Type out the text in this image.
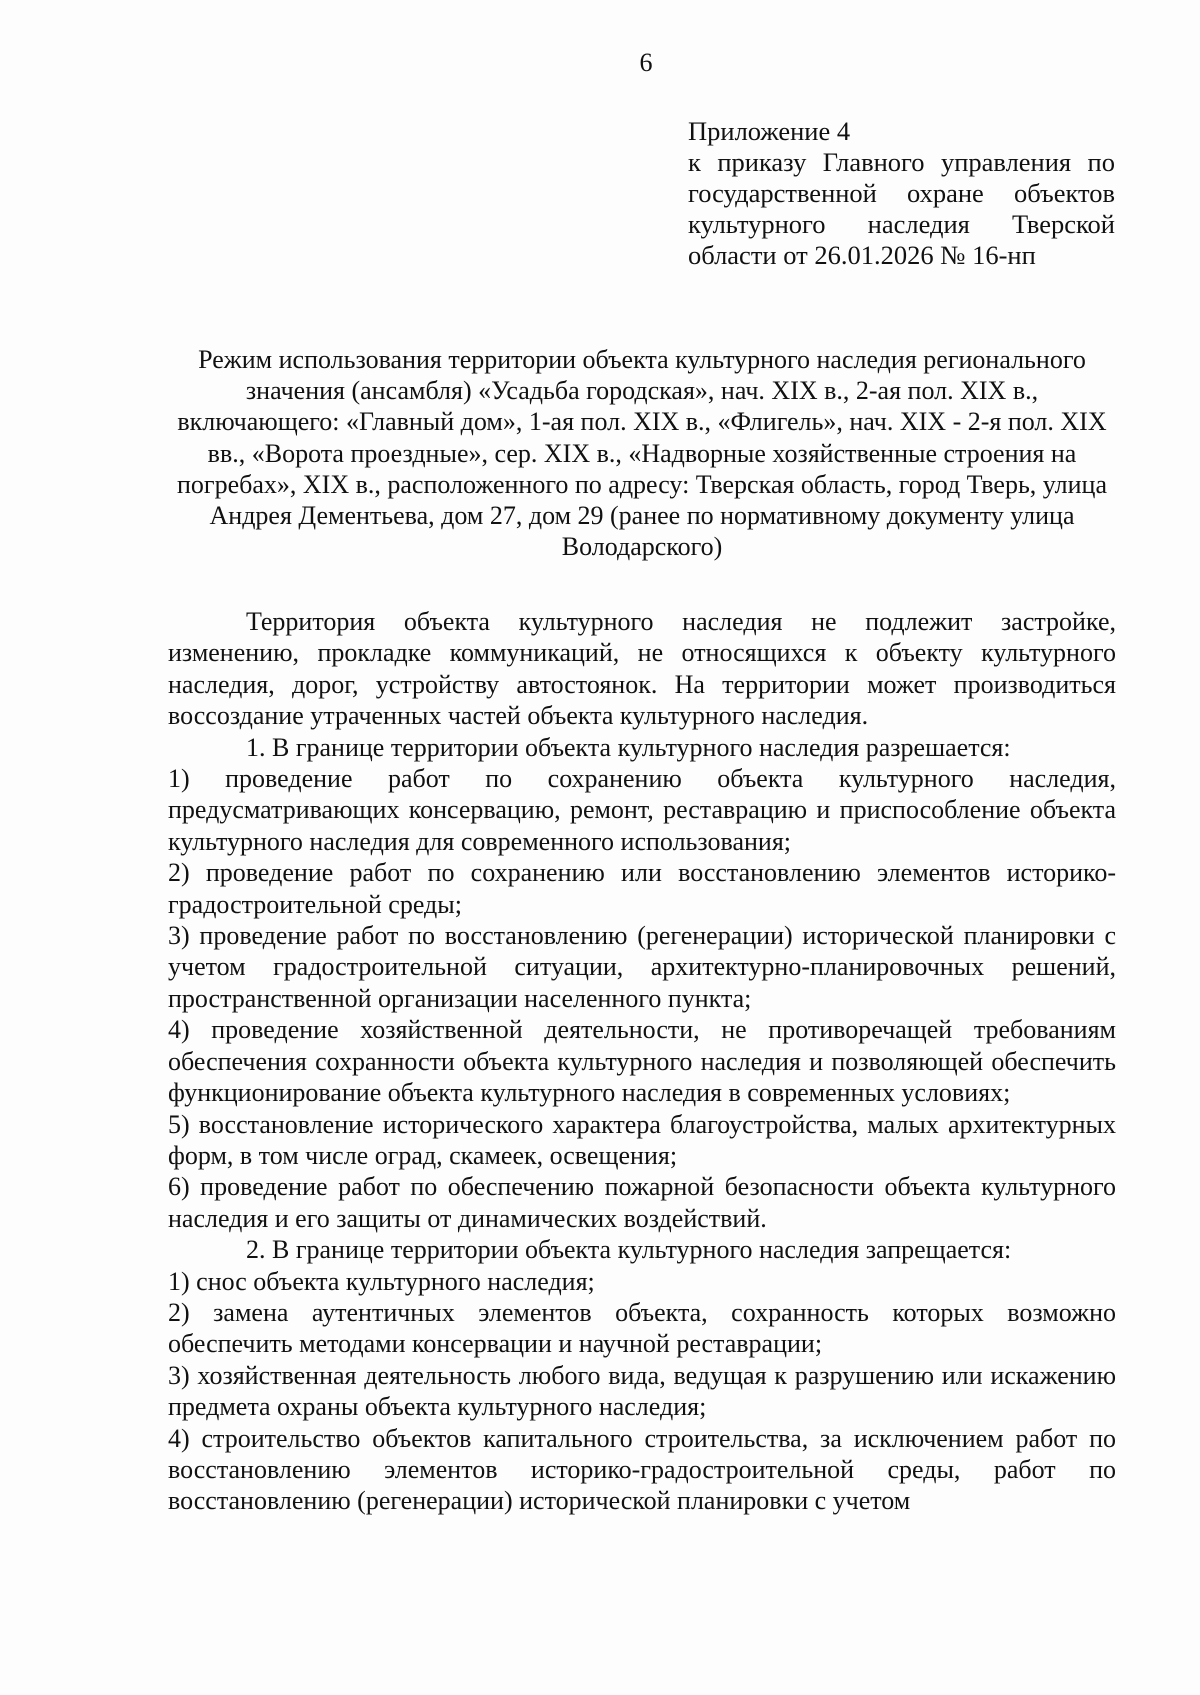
6
Приложение 4
к приказу Главного управления по государственной охране объектов культурного наследия Тверской области от 26.01.2026 № 16-нп
Режим использования территории объекта культурного наследия регионального значения (ансамбля) «Усадьба городская», нач. XIX в., 2-ая пол. XIX в., включающего: «Главный дом», 1-ая пол. XIX в., «Флигель», нач. XIX - 2-я пол. XIX вв., «Ворота проездные», сер. XIX в., «Надворные хозяйственные строения на погребах», XIX в., расположенного по адресу: Тверская область, город Тверь, улица Андрея Дементьева, дом 27, дом 29 (ранее по нормативному документу улица Володарского)

Территория объекта культурного наследия не подлежит застройке, изменению, прокладке коммуникаций, не относящихся к объекту культурного наследия, дорог, устройству автостоянок. На территории может производиться воссоздание утраченных частей объекта культурного наследия.

1. В границе территории объекта культурного наследия разрешается:

1) проведение работ по сохранению объекта культурного наследия, предусматривающих консервацию, ремонт, реставрацию и приспособление объекта культурного наследия для современного использования;

2) проведение работ по сохранению или восстановлению элементов историко-градостроительной среды;

3) проведение работ по восстановлению (регенерации) исторической планировки с учетом градостроительной ситуации, архитектурно-планировочных решений, пространственной организации населенного пункта;

4) проведение хозяйственной деятельности, не противоречащей требованиям обеспечения сохранности объекта культурного наследия и позволяющей обеспечить функционирование объекта культурного наследия в современных условиях;

5) восстановление исторического характера благоустройства, малых архитектурных форм, в том числе оград, скамеек, освещения;

6) проведение работ по обеспечению пожарной безопасности объекта культурного наследия и его защиты от динамических воздействий.

2. В границе территории объекта культурного наследия запрещается:

1) снос объекта культурного наследия;

2) замена аутентичных элементов объекта, сохранность которых возможно обеспечить методами консервации и научной реставрации;

3) хозяйственная деятельность любого вида, ведущая к разрушению или искажению предмета охраны объекта культурного наследия;

4) строительство объектов капитального строительства, за исключением работ по восстановлению элементов историко-градостроительной среды, работ по восстановлению (регенерации) исторической планировки с учетом
